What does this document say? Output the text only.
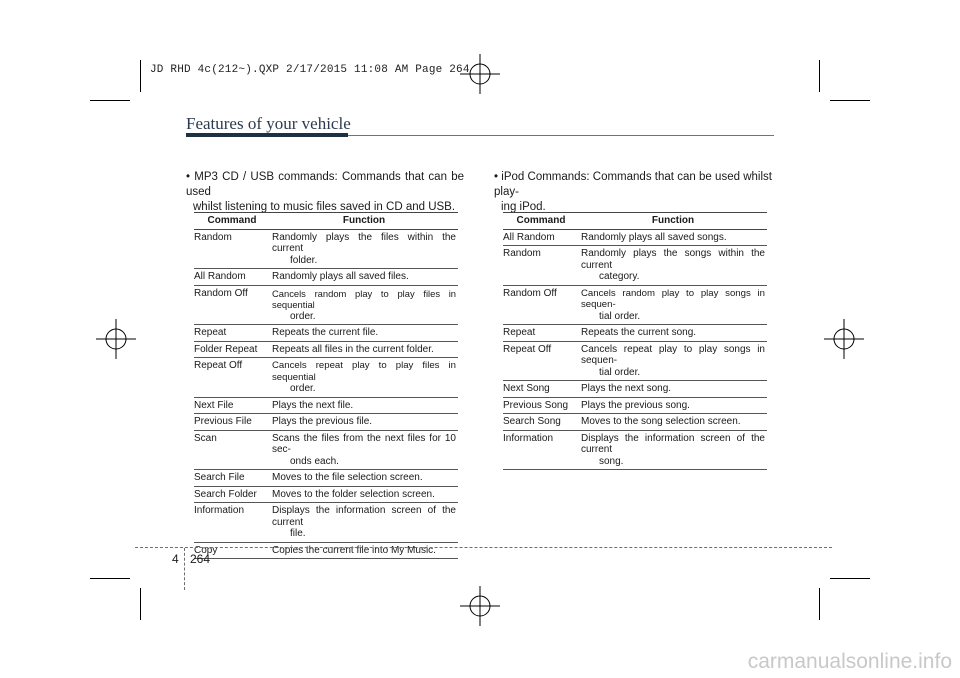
JD RHD 4c(212~).QXP 2/17/2015 11:08 AM Page 264
Features of your vehicle
• MP3 CD / USB commands: Commands that can be used
whilst listening to music files saved in CD and USB.
• iPod Commands: Commands that can be used whilst play-
ing iPod.
Command	Function
Random	Randomly plays the files within the current
folder.

All Random	Randomly plays all saved files.

Random Off	Cancels random play to play files in sequential
order.

Repeat	Repeats the current file.

Folder Repeat	Repeats all files in the current folder.

Repeat Off	Cancels repeat play to play files in sequential
order.

Next File	Plays the next file.

Previous File	Plays the previous file.

Scan	Scans the files from the next files for 10 sec-
onds each.

Search File	Moves to the file selection screen.

Search Folder	Moves to the folder selection screen.

Information	Displays the information screen of the current
file.

Copy	Copies the current file into My Music.
Command	Function
All Random	Randomly plays all saved songs.

Random	Randomly plays the songs within the current
category.

Random Off	Cancels random play to play songs in sequen-
tial order.

Repeat	Repeats the current song.

Repeat Off	Cancels repeat play to play songs in sequen-
tial order.

Next Song	Plays the next song.

Previous Song	Plays the previous song.

Search Song	Moves to the song selection screen.

Information	Displays the information screen of the current
song.
4 264
carmanualsonline.info
